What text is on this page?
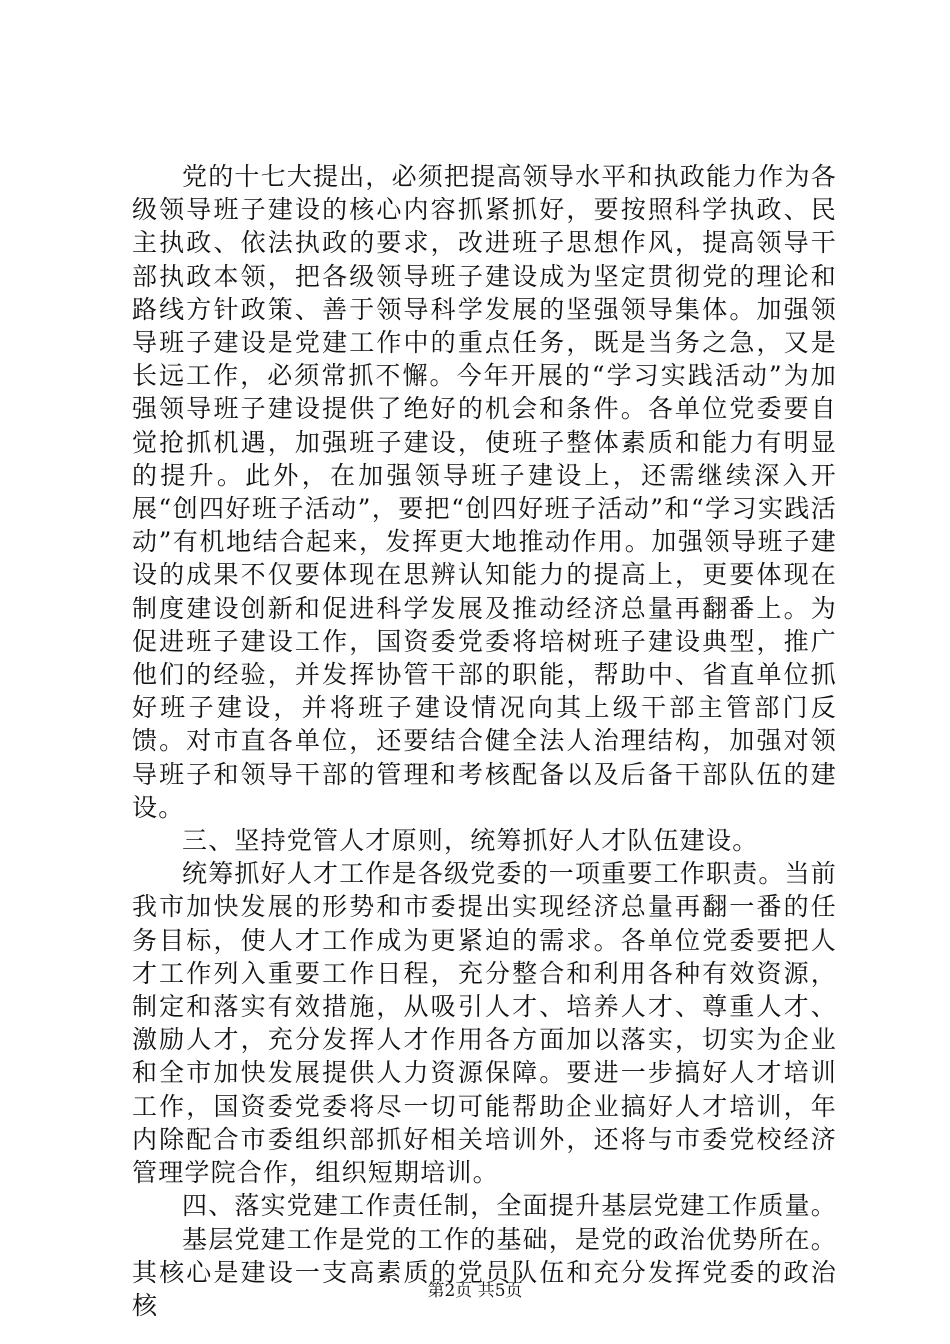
党的十七大提出，必须把提高领导水平和执政能力作为各级领导班子建设的核心内容抓紧抓好，要按照科学执政、民主执政、依法执政的要求，改进班子思想作风，提高领导干部执政本领，把各级领导班子建设成为坚定贯彻党的理论和路线方针政策、善于领导科学发展的坚强领导集体。加强领导班子建设是党建工作中的重点任务，既是当务之急，又是长远工作，必须常抓不懈。今年开展的“学习实践活动”为加强领导班子建设提供了绝好的机会和条件。各单位党委要自觉抢抓机遇，加强班子建设，使班子整体素质和能力有明显的提升。此外，在加强领导班子建设上，还需继续深入开展“创四好班子活动”，要把“创四好班子活动”和“学习实践活动”有机地结合起来，发挥更大地推动作用。加强领导班子建设的成果不仅要体现在思辨认知能力的提高上，更要体现在制度建设创新和促进科学发展及推动经济总量再翻番上。为促进班子建设工作，国资委党委将培树班子建设典型，推广他们的经验，并发挥协管干部的职能，帮助中、省直单位抓好班子建设，并将班子建设情况向其上级干部主管部门反馈。对市直各单位，还要结合健全法人治理结构，加强对领导班子和领导干部的管理和考核配备以及后备干部队伍的建设。

三、坚持党管人才原则，统筹抓好人才队伍建设。

统筹抓好人才工作是各级党委的一项重要工作职责。当前我市加快发展的形势和市委提出实现经济总量再翻一番的任务目标，使人才工作成为更紧迫的需求。各单位党委要把人才工作列入重要工作日程，充分整合和利用各种有效资源，制定和落实有效措施，从吸引人才、培养人才、尊重人才、激励人才，充分发挥人才作用各方面加以落实，切实为企业和全市加快发展提供人力资源保障。要进一步搞好人才培训工作，国资委党委将尽一切可能帮助企业搞好人才培训，年内除配合市委组织部抓好相关培训外，还将与市委党校经济管理学院合作，组织短期培训。

四、落实党建工作责任制，全面提升基层党建工作质量。

基层党建工作是党的工作的基础，是党的政治优势所在。其核心是建设一支高素质的党员队伍和充分发挥党委的政治核	第2页 共5页
